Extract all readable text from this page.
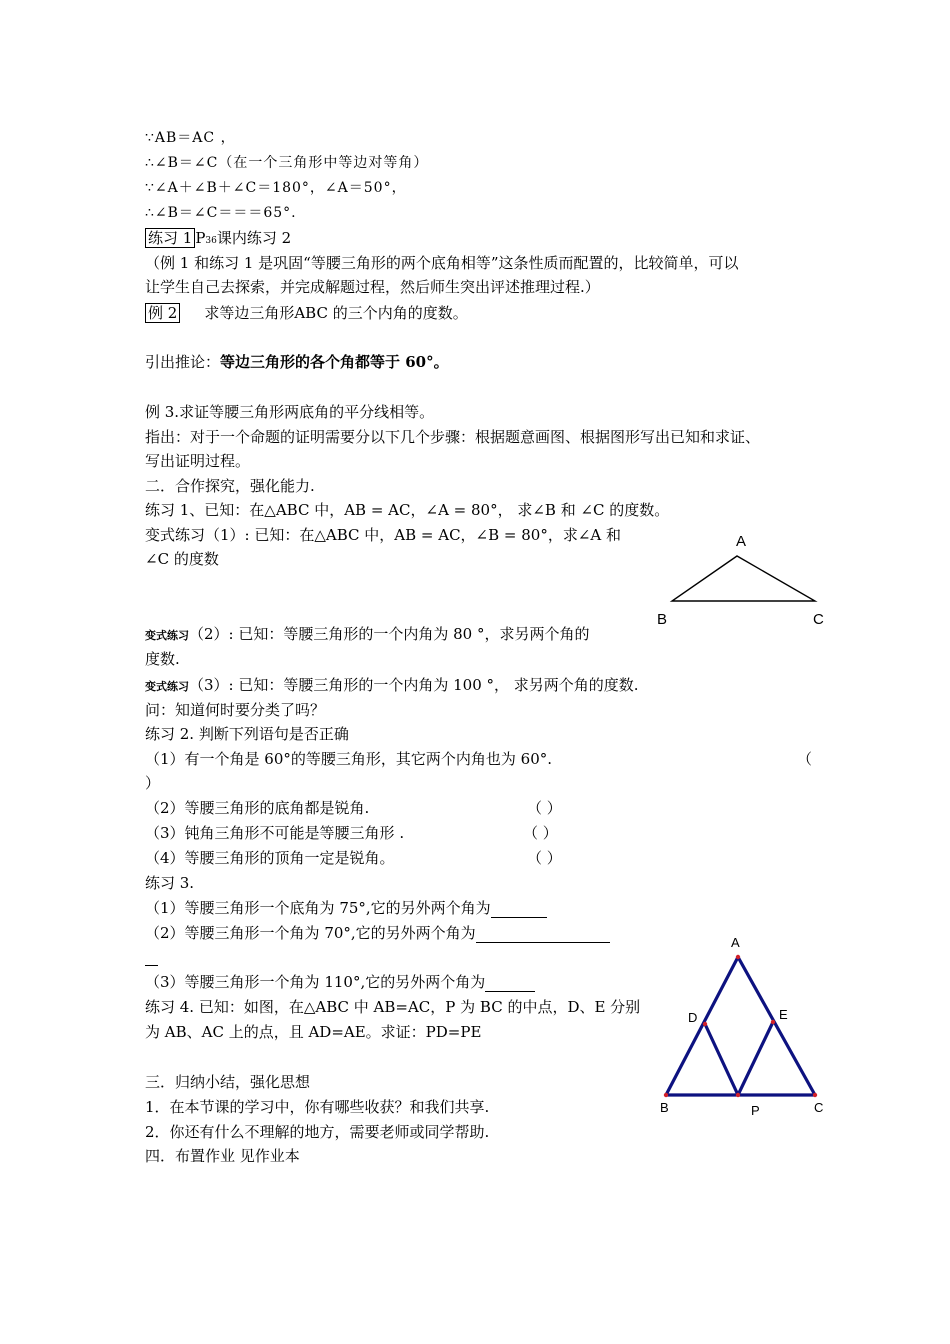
∵AB＝AC ，
∴∠B＝∠C（在一个三角形中等边对等角）
∵∠A＋∠B＋∠C＝180°，∠A＝50°，
∴∠B＝∠C＝＝＝65°.
练习 1 P36课内练习 2
（例 1 和练习 1 是巩固“等腰三角形的两个底角相等”这条性质而配置的，比较简单，可以
让学生自己去探索，并完成解题过程，然后师生突出评述推理过程.）
例 2 求等边三角形ABC 的三个内角的度数。
引出推论：等边三角形的各个角都等于 60°。
例 3.求证等腰三角形两底角的平分线相等。
指出：对于一个命题的证明需要分以下几个步骤：根据题意画图、根据图形写出已知和求证、
写出证明过程。
二．合作探究，强化能力.
练习 1、已知：在△ABC 中，AB = AC，∠A = 80°， 求∠B 和 ∠C 的度数。
变式练习（1）: 已知：在△ABC 中，AB = AC，∠B = 80°，求∠A 和
∠C 的度数
A
B	C
变式练习（2）: 已知：等腰三角形的一个内角为 80 °，求另两个角的
度数.
变式练习（3）: 已知：等腰三角形的一个内角为 100 °， 求另两个角的度数.
问：知道何时要分类了吗？
练习 2. 判断下列语句是否正确
（1）有一个角是 60°的等腰三角形，其它两个内角也为 60°.	（
）
（2）等腰三角形的底角都是锐角.	（ ）
（3）钝角三角形不可能是等腰三角形 .	（ ）
（4）等腰三角形的顶角一定是锐角。	（ ）
练习 3.
（1）等腰三角形一个底角为 75°,它的另外两个角为
（2）等腰三角形一个角为 70°,它的另外两个角为
（3）等腰三角形一个角为 110°,它的另外两个角为
练习 4. 已知：如图，在△ABC 中 AB=AC，P 为 BC 的中点，D、E 分别
为 AB、AC 上的点，且 AD=AE。求证：PD=PE
A
B	C
D	E
P
三．归纳小结，强化思想
1．在本节课的学习中，你有哪些收获？和我们共享.
2．你还有什么不理解的地方，需要老师或同学帮助.
四．布置作业 见作业本
